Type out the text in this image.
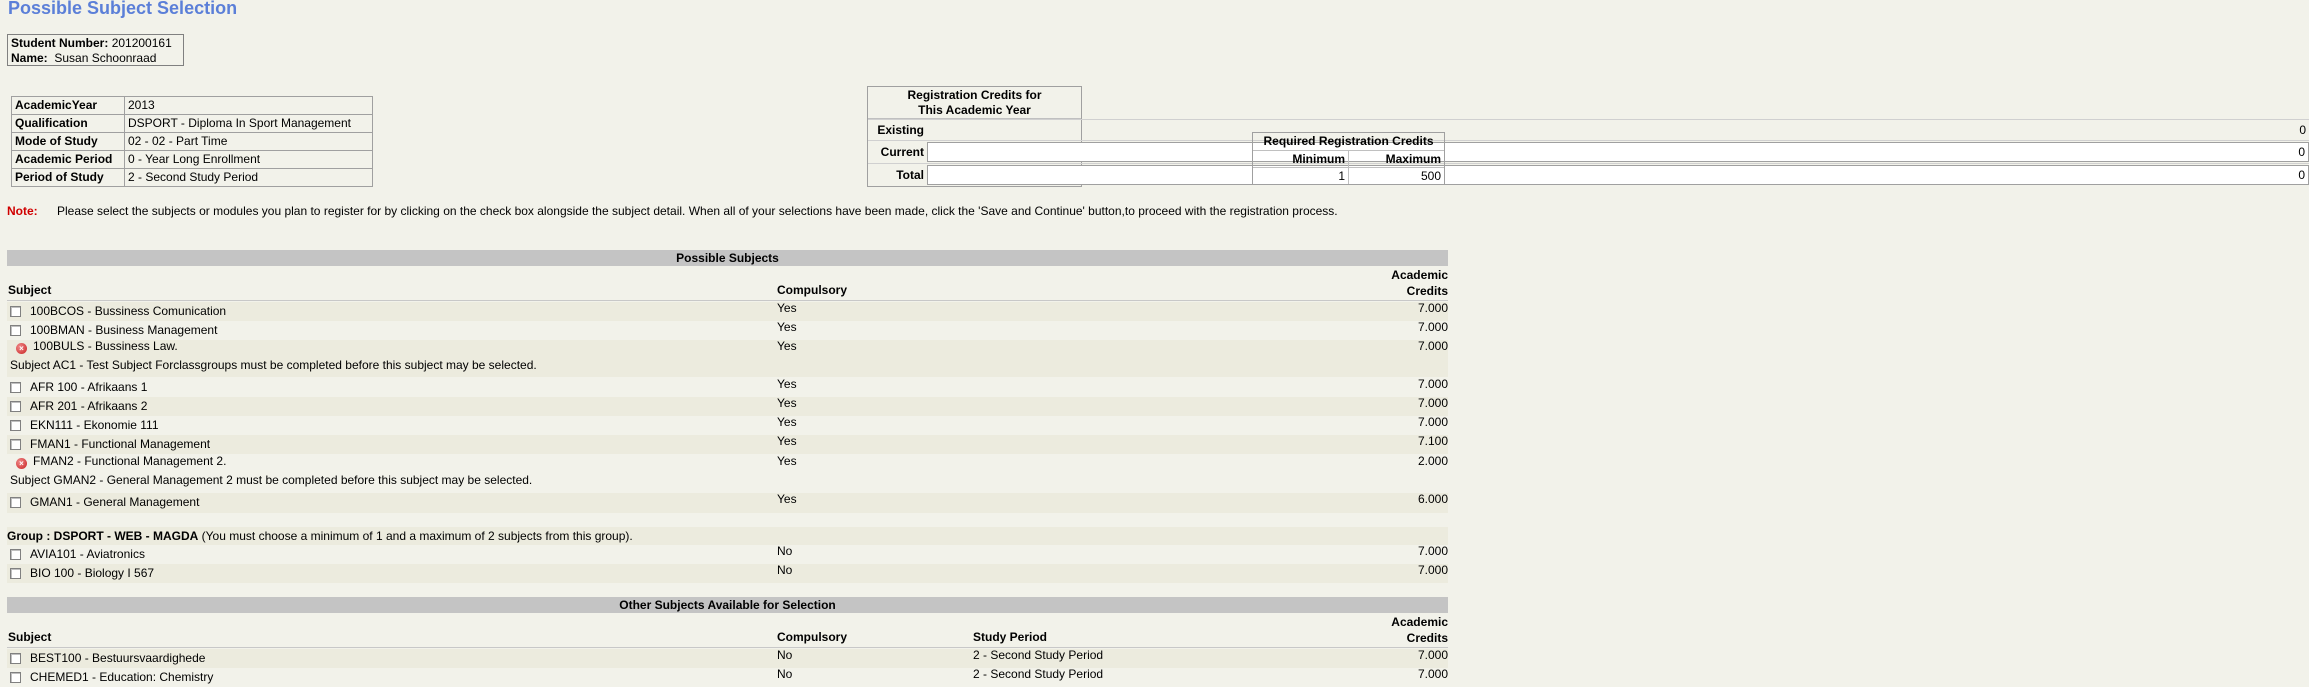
Possible Subject Selection
Student Number: 201200161
Name: Susan Schoonraad
AcademicYear	2013
Qualification	DSPORT - Diploma In Sport Management
Mode of Study	02 - 02 - Part Time
Academic Period	0 - Year Long Enrollment
Period of Study	2 - Second Study Period
Registration Credits for
This Academic Year
Existing	0
Current	0
Total	0
Required Registration Credits
Minimum	Maximum
1	500
Note: Please select the subjects or modules you plan to register for by clicking on the check box alongside the subject detail. When all of your selections have been made, click the 'Save and Continue' button,to proceed with the registration process.
Possible Subjects
Subject	Compulsory
Academic
Credits
100BCOS - Bussiness Comunication	Yes	7.000
100BMAN - Business Management	Yes	7.000
× 100BULS - Bussiness Law.	Yes	7.000
Subject AC1 - Test Subject Forclassgroups must be completed before this subject may be selected.
AFR 100 - Afrikaans 1	Yes	7.000
AFR 201 - Afrikaans 2	Yes	7.000
EKN111 - Ekonomie 111	Yes	7.000
FMAN1 - Functional Management	Yes	7.100
× FMAN2 - Functional Management 2.	Yes	2.000
Subject GMAN2 - General Management 2 must be completed before this subject may be selected.
GMAN1 - General Management	Yes	6.000
Group : DSPORT - WEB - MAGDA (You must choose a minimum of 1 and a maximum of 2 subjects from this group).
AVIA101 - Aviatronics	No	7.000
BIO 100 - Biology I 567	No	7.000
Other Subjects Available for Selection
Subject	Compulsory	Study Period
Academic
Credits
BEST100 - Bestuursvaardighede	No	2 - Second Study Period	7.000
CHEMED1 - Education: Chemistry	No	2 - Second Study Period	7.000
